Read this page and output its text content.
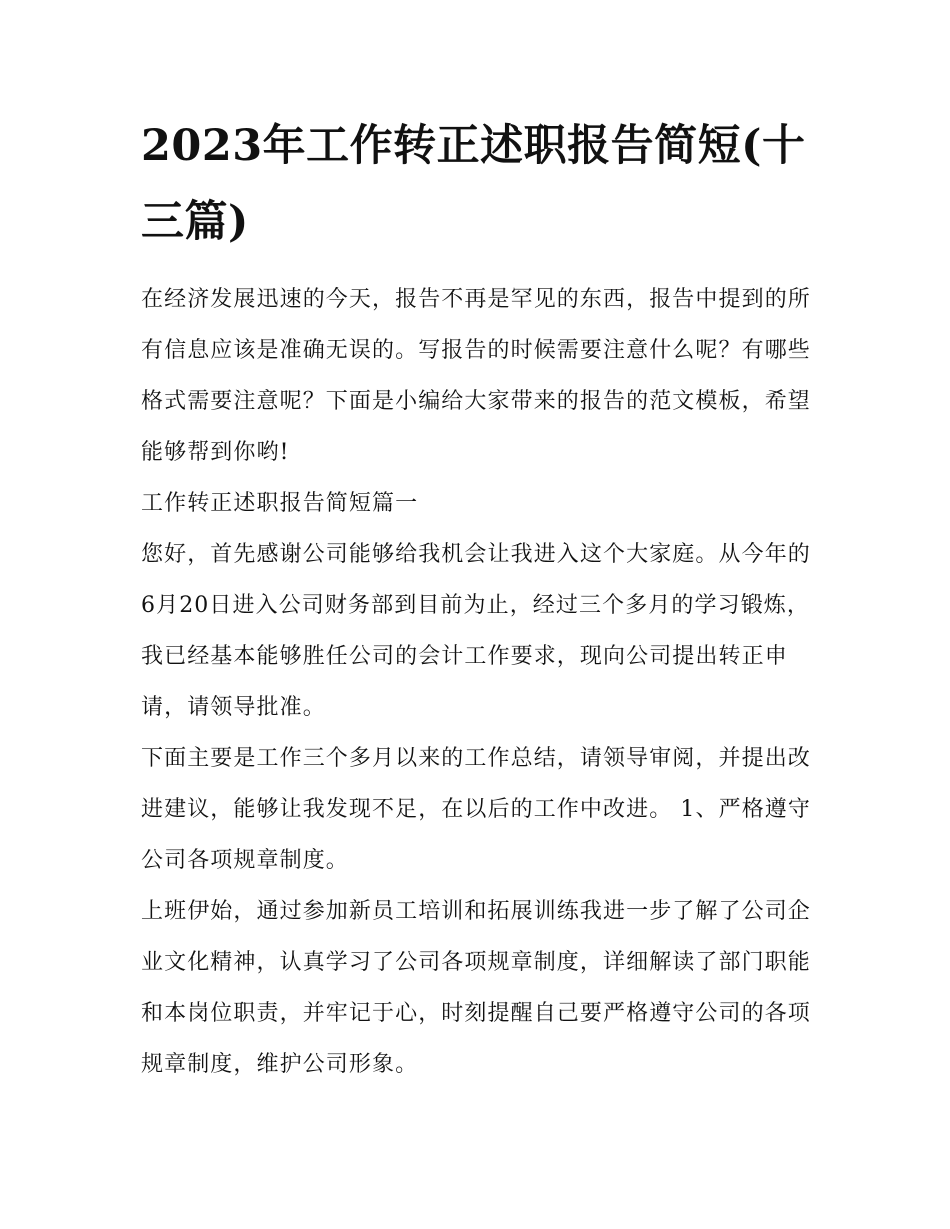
2023年工作转正述职报告简短(十三篇)

在经济发展迅速的今天，报告不再是罕见的东西，报告中提到的所有信息应该是准确无误的。写报告的时候需要注意什么呢？有哪些格式需要注意呢？下面是小编给大家带来的报告的范文模板，希望能够帮到你哟!

工作转正述职报告简短篇一

您好，首先感谢公司能够给我机会让我进入这个大家庭。从今年的6月20日进入公司财务部到目前为止，经过三个多月的学习锻炼，我已经基本能够胜任公司的会计工作要求，现向公司提出转正申请，请领导批准。

下面主要是工作三个多月以来的工作总结，请领导审阅，并提出改进建议，能够让我发现不足，在以后的工作中改进。 1、严格遵守公司各项规章制度。

上班伊始，通过参加新员工培训和拓展训练我进一步了解了公司企业文化精神，认真学习了公司各项规章制度，详细解读了部门职能和本岗位职责，并牢记于心，时刻提醒自己要严格遵守公司的各项规章制度，维护公司形象。
